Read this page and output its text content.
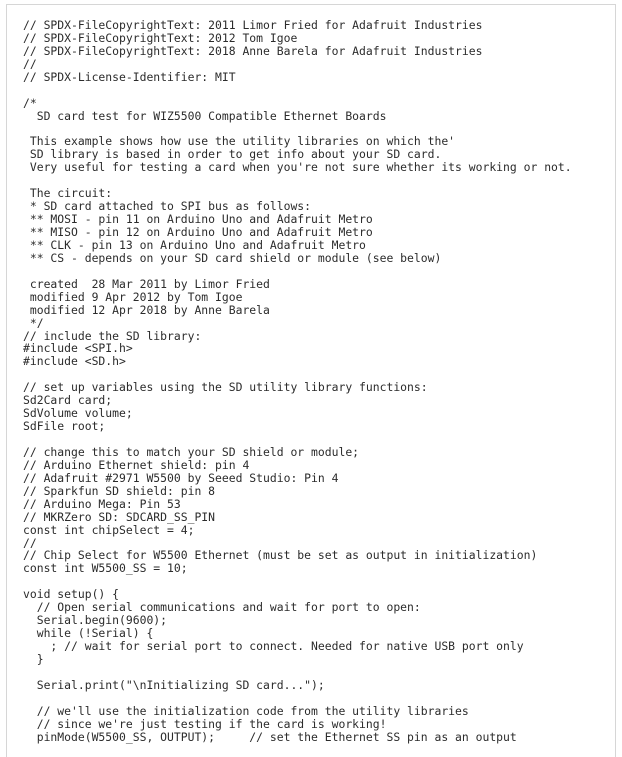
// SPDX-FileCopyrightText: 2011 Limor Fried for Adafruit Industries
// SPDX-FileCopyrightText: 2012 Tom Igoe
// SPDX-FileCopyrightText: 2018 Anne Barela for Adafruit Industries
//
// SPDX-License-Identifier: MIT
/*
SD card test for WIZ5500 Compatible Ethernet Boards
This example shows how use the utility libraries on which the'
SD library is based in order to get info about your SD card.
Very useful for testing a card when you're not sure whether its working or not.
The circuit:
* SD card attached to SPI bus as follows:
** MOSI - pin 11 on Arduino Uno and Adafruit Metro
** MISO - pin 12 on Arduino Uno and Adafruit Metro
** CLK - pin 13 on Arduino Uno and Adafruit Metro
** CS - depends on your SD card shield or module (see below)
created  28 Mar 2011 by Limor Fried
modified 9 Apr 2012 by Tom Igoe
modified 12 Apr 2018 by Anne Barela
*/
// include the SD library:
#include <SPI.h>
#include <SD.h>
// set up variables using the SD utility library functions:
Sd2Card card;
SdVolume volume;
SdFile root;
// change this to match your SD shield or module;
// Arduino Ethernet shield: pin 4
// Adafruit #2971 W5500 by Seeed Studio: Pin 4
// Sparkfun SD shield: pin 8
// Arduino Mega: Pin 53
// MKRZero SD: SDCARD_SS_PIN
const int chipSelect = 4;
//
// Chip Select for W5500 Ethernet (must be set as output in initialization)
const int W5500_SS = 10;
void setup() {
// Open serial communications and wait for port to open:
Serial.begin(9600);
while (!Serial) {
; // wait for serial port to connect. Needed for native USB port only
}
Serial.print("\nInitializing SD card...");
// we'll use the initialization code from the utility libraries
// since we're just testing if the card is working!
pinMode(W5500_SS, OUTPUT);     // set the Ethernet SS pin as an output
